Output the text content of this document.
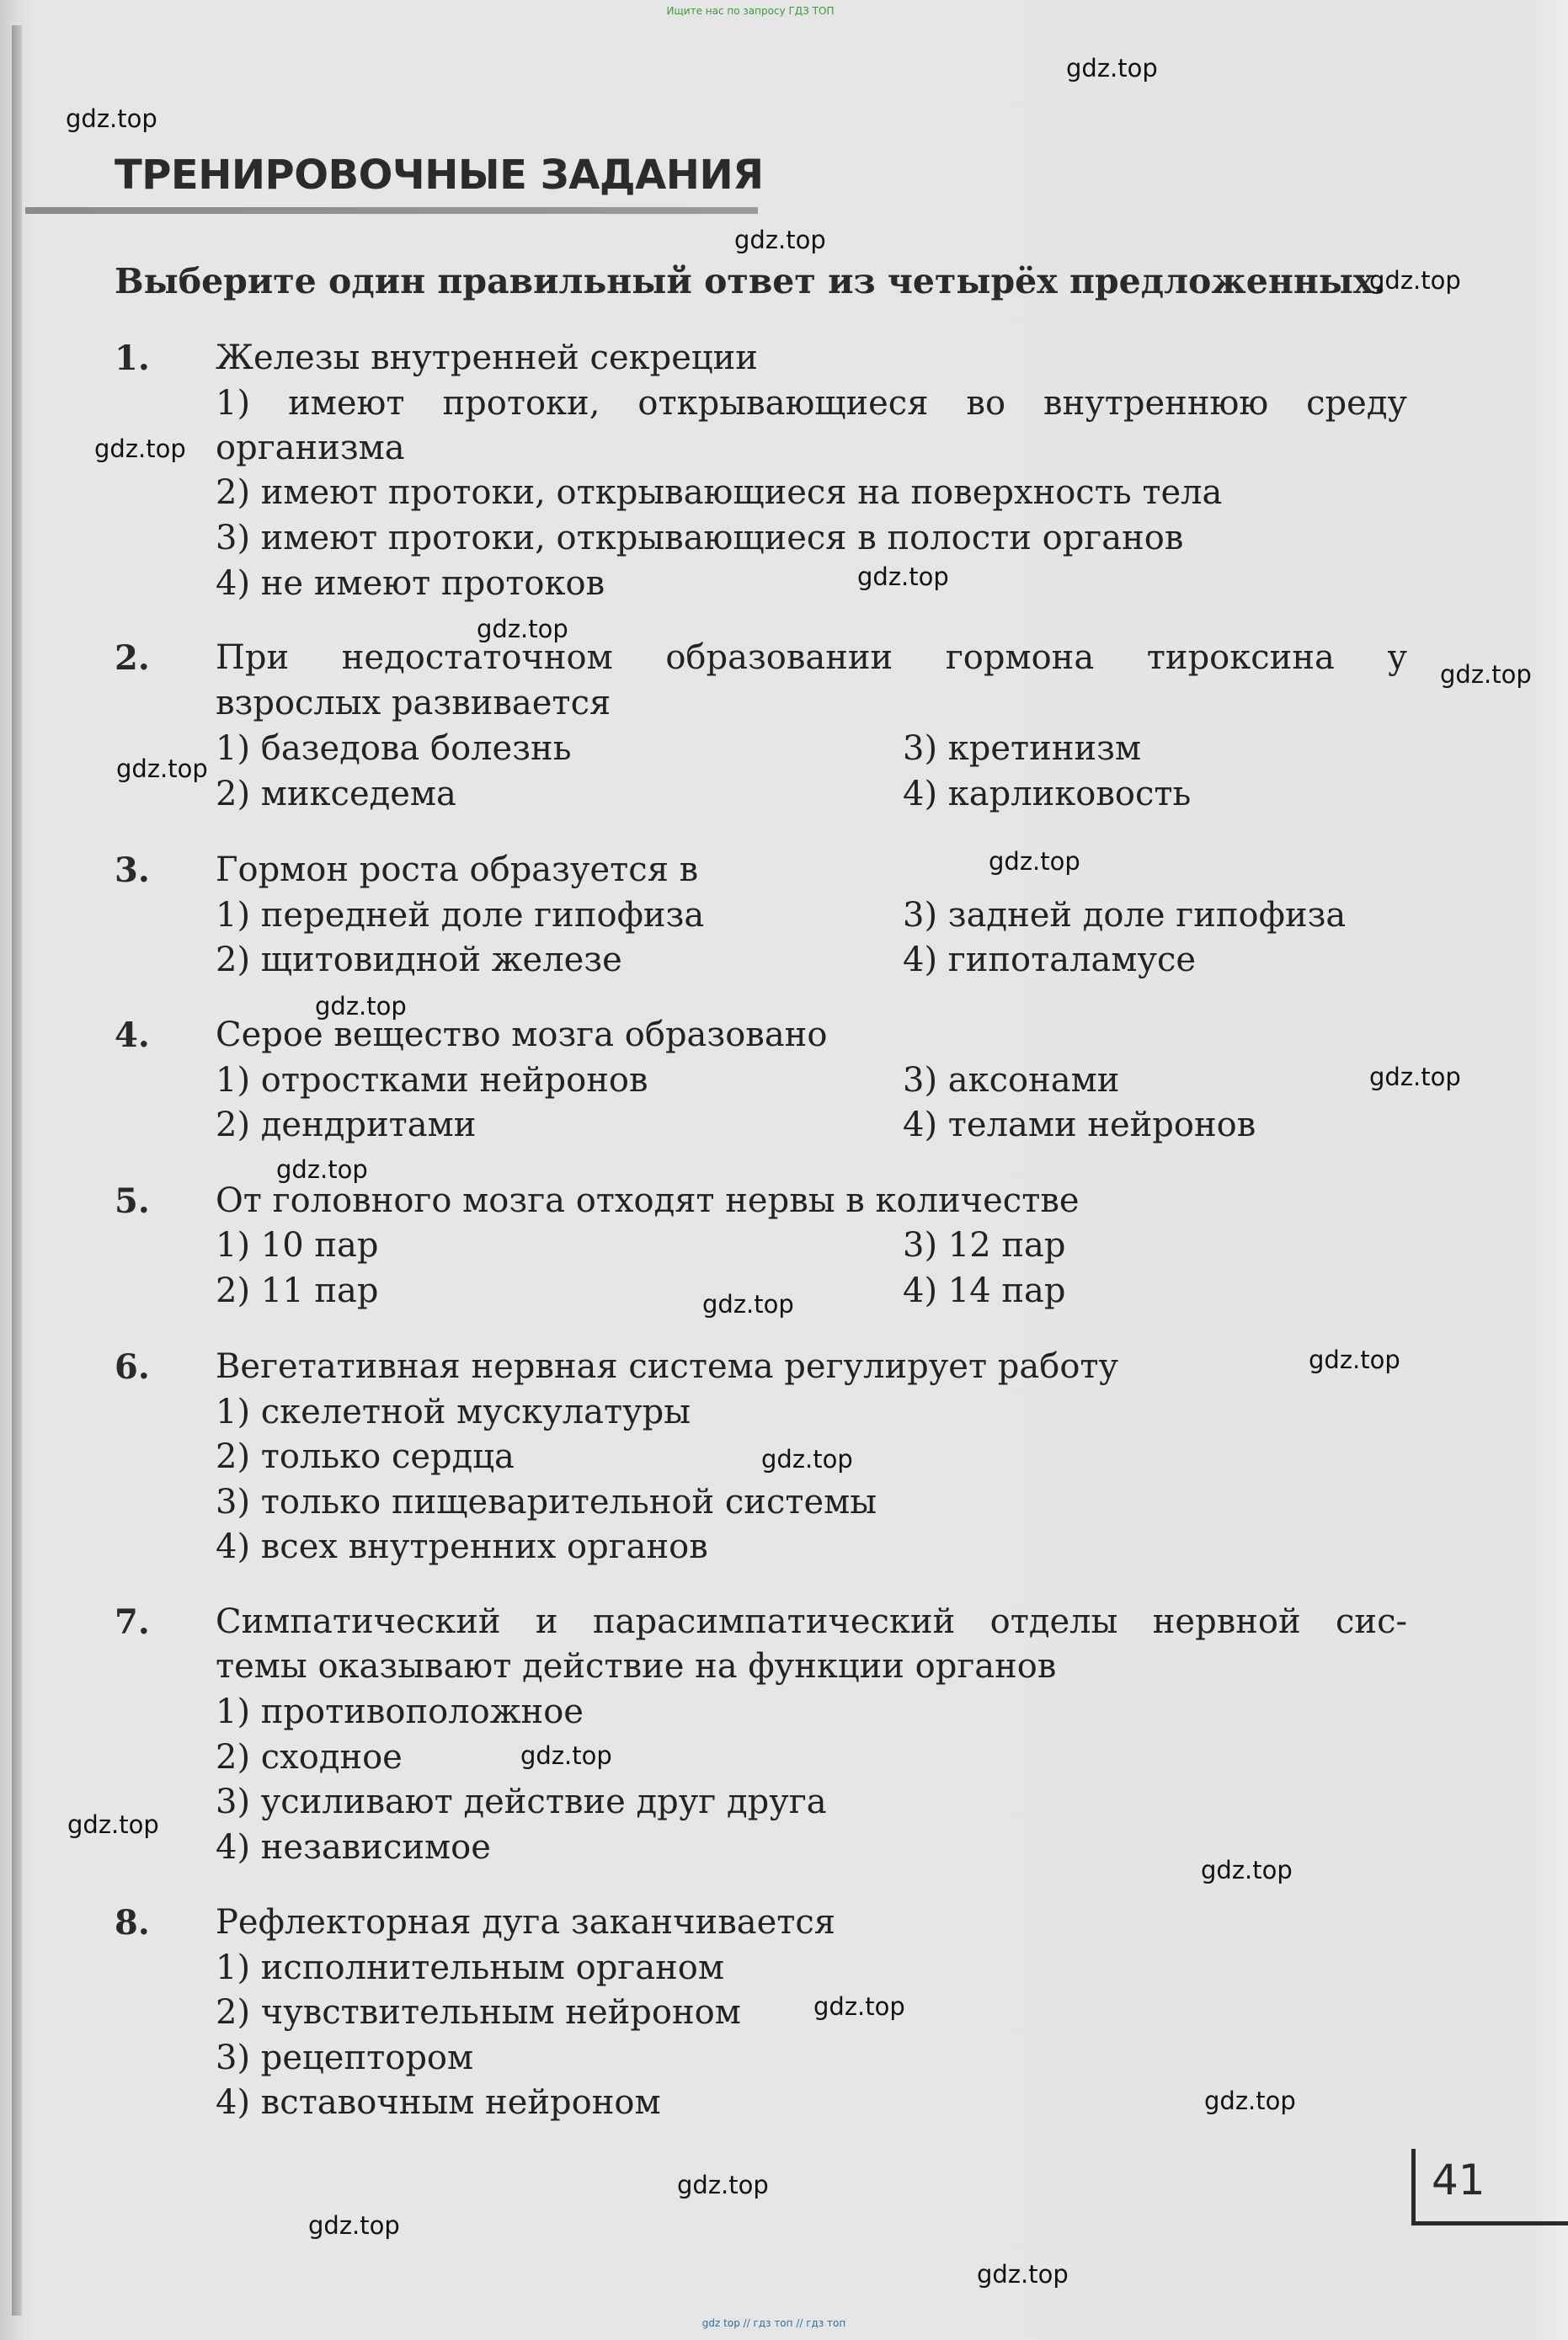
Ищите нас по запросу ГДЗ ТОП
ТРЕНИРОВОЧНЫЕ ЗАДАНИЯ
Выберите один правильный ответ из четырёх предложенных.
1. Железы внутренней секреции
1) имеют протоки, открывающиеся во внутреннюю среду
организма
2) имеют протоки, открывающиеся на поверхность тела
3) имеют протоки, открывающиеся в полости органов
4) не имеют протоков
2. При недостаточном образовании гормона тироксина у
взрослых развивается
1) базедова болезнь	3) кретинизм
2) микседема	4) карликовость
3. Гормон роста образуется в
1) передней доле гипофиза	3) задней доле гипофиза
2) щитовидной железе	4) гипоталамусе
4. Серое вещество мозга образовано
1) отростками нейронов	3) аксонами
2) дендритами	4) телами нейронов
5. От головного мозга отходят нервы в количестве
1) 10 пар	3) 12 пар
2) 11 пар	4) 14 пар
6. Вегетативная нервная система регулирует работу
1) скелетной мускулатуры
2) только сердца
3) только пищеварительной системы
4) всех внутренних органов
7. Симпатический и парасимпатический отделы нервной сис-
темы оказывают действие на функции органов
1) противоположное
2) сходное
3) усиливают действие друг друга
4) независимое
8. Рефлекторная дуга заканчивается
1) исполнительным органом
2) чувствительным нейроном
3) рецептором
4) вставочным нейроном
41
gdz.top
gdz.top
gdz.top
gdz.top
gdz.top
gdz.top
gdz.top
gdz.top
gdz.top
gdz.top
gdz.top
gdz.top
gdz.top
gdz.top
gdz.top
gdz.top
gdz.top
gdz.top
gdz.top
gdz.top
gdz.top
gdz.top
gdz.top
gdz.top
gdz top // гдз топ // гдз топ
